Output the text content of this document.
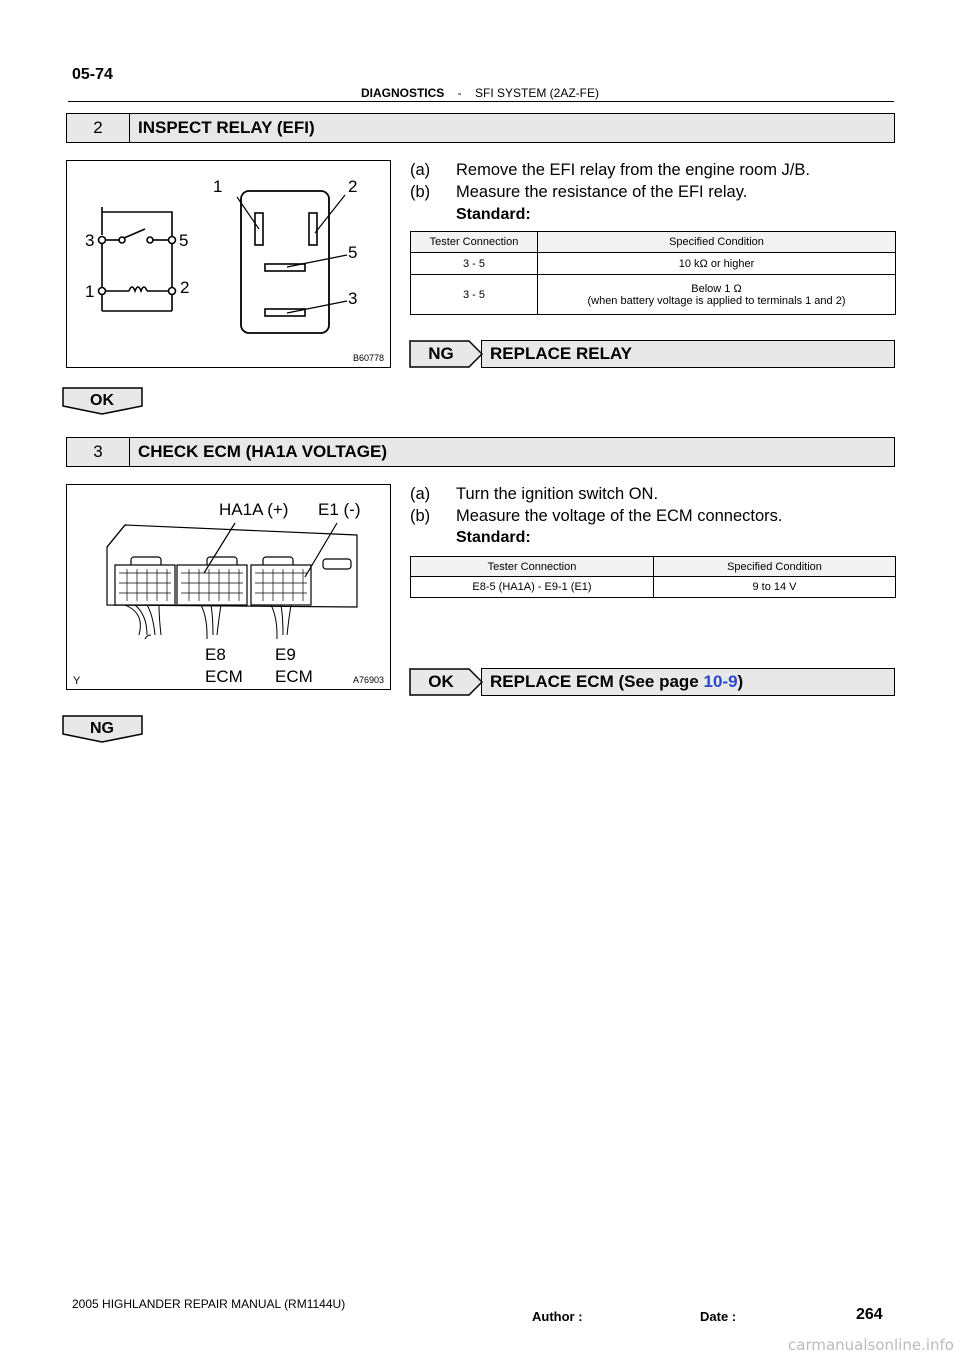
05-74
DIAGNOSTICS - SFI SYSTEM (2AZ-FE)
2	INSPECT RELAY (EFI)
1	2
3	5
1	2
5
3
B60778
(a) Remove the EFI relay from the engine room J/B.
(b) Measure the resistance of the EFI relay.
Standard:
Tester Connection	Specified Condition
3 - 5	10 kΩ or higher
3 - 5	Below 1 Ω
(when battery voltage is applied to terminals 1 and 2)
NG	REPLACE RELAY
OK
3	CHECK ECM (HA1A VOLTAGE)
HA1A (+) E1 (-)
E8
ECM
E9
ECM
Y	A76903
(a) Turn the ignition switch ON.
(b) Measure the voltage of the ECM connectors.
Standard:
Tester Connection	Specified Condition
E8-5 (HA1A) - E9-1 (E1)	9 to 14 V
OK	REPLACE ECM (See page
10-9 )
NG
2005 HIGHLANDER REPAIR MANUAL (RM1144U)
Author :	Date :	264
carmanualsonline.info
